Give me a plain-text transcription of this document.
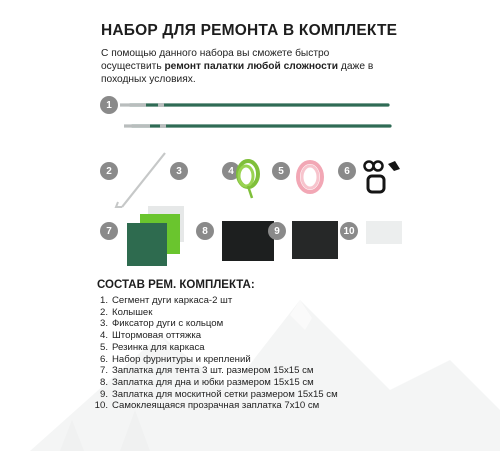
НАБОР ДЛЯ РЕМОНТА В КОМПЛЕКТЕ
С помощью данного набора вы сможете быстро осуществить ремонт палатки любой сложности даже в походных условиях.
1
2	3	4	5	6
7	8	9	10
СОСТАВ РЕМ. КОМПЛЕКТА:
1. Сегмент дуги каркаса-2 шт
2. Колышек
3. Фиксатор дуги с кольцом
4. Штормовая оттяжка
5. Резинка для каркаса
6. Набор фурнитуры и креплений
7. Заплатка для тента 3 шт. размером 15х15 см
8. Заплатка для дна и юбки размером 15х15 см
9. Заплатка для москитной сетки размером 15х15 см
10. Самоклеящаяся прозрачная заплатка 7х10 см
